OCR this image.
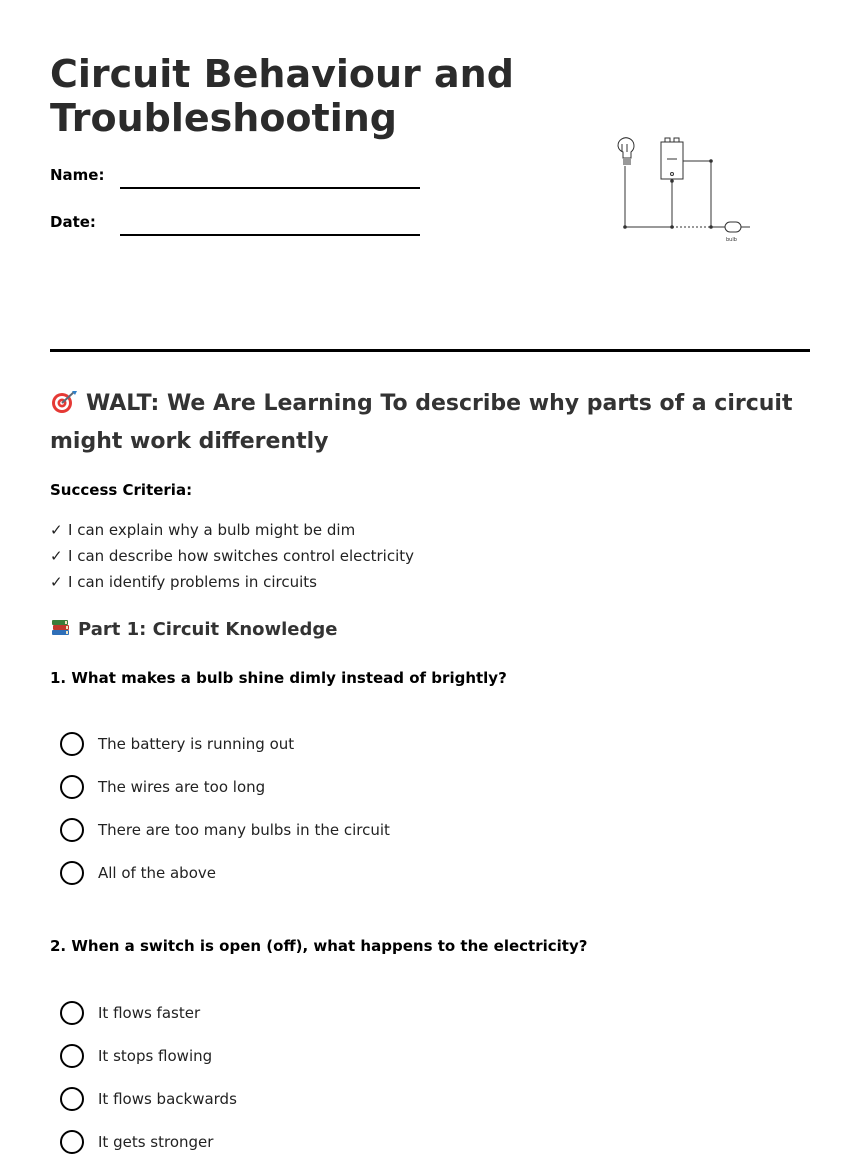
Circuit Behaviour and Troubleshooting
Name:
Date:
bulb
WALT: We Are Learning To describe why parts of a circuit might work differently
Success Criteria:
✓ I can explain why a bulb might be dim
✓ I can describe how switches control electricity
✓ I can identify problems in circuits
Part 1: Circuit Knowledge
1. What makes a bulb shine dimly instead of brightly?
The battery is running out
The wires are too long
There are too many bulbs in the circuit
All of the above
2. When a switch is open (off), what happens to the electricity?
It flows faster
It stops flowing
It flows backwards
It gets stronger
